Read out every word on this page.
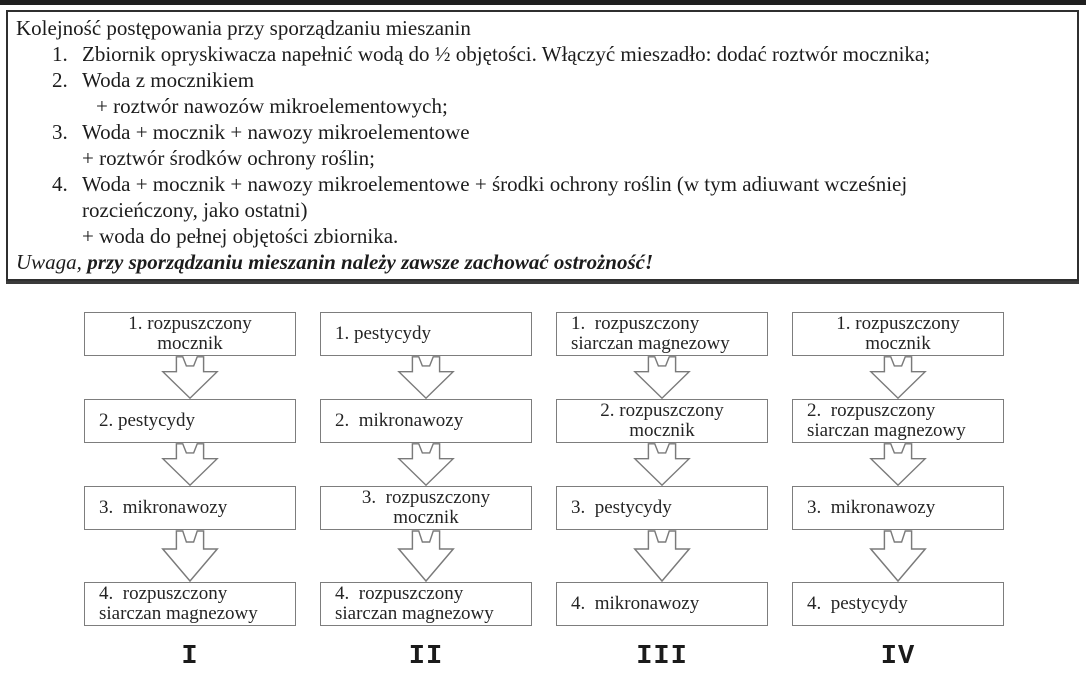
Kolejność postępowania przy sporządzaniu mieszanin
1. Zbiornik opryskiwacza napełnić wodą do ½ objętości. Włączyć mieszadło: dodać roztwór mocznika;
2. Woda z mocznikiem
+ roztwór nawozów mikroelementowych;
3. Woda + mocznik + nawozy mikroelementowe
+ roztwór środków ochrony roślin;
4. Woda + mocznik + nawozy mikroelementowe + środki ochrony roślin (w tym adiuwant wcześniej
rozcieńczony, jako ostatni)
+ woda do pełnej objętości zbiornika.
Uwaga, przy sporządzaniu mieszanin należy zawsze zachować ostrożność!
1. rozpuszczony
mocznik
2. pestycydy
3.  mikronawozy
4.  rozpuszczony
siarczan magnezowy
I
1. pestycydy
2.  mikronawozy
3.  rozpuszczony
mocznik
4.  rozpuszczony
siarczan magnezowy
II
1.  rozpuszczony
siarczan magnezowy
2. rozpuszczony
mocznik
3.  pestycydy
4.  mikronawozy
III
1. rozpuszczony
mocznik
2.  rozpuszczony
siarczan magnezowy
3.  mikronawozy
4.  pestycydy
IV
